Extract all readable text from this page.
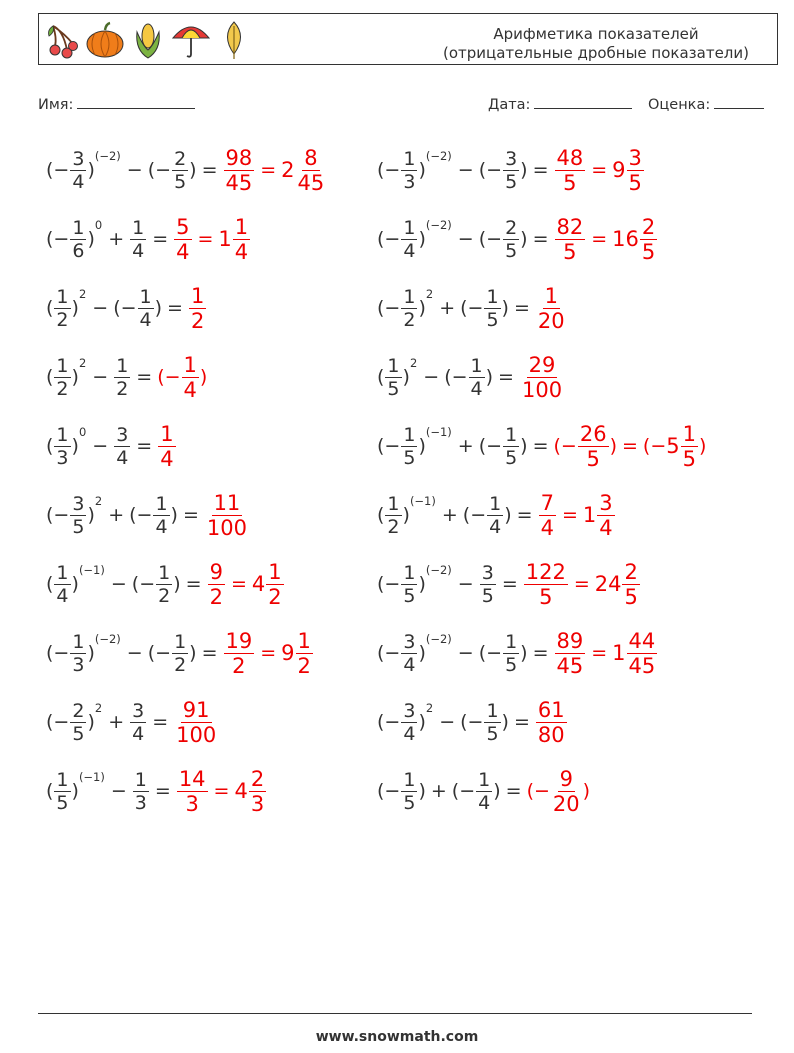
Арифметика показателей
(отрицательные дробные показатели)
Имя:	Дата:	Оценка:
(− $\frac{3}{4}$ )
(−2)
− (− $\frac{2}{5}$ ) = $\frac{98}{45} = 2 \frac{8}{45}$
(− $\frac{1}{6}$ )
0
+ $\frac{1}{4} = \frac{5}{4} = 1 \frac{1}{4}$
( $\frac{1}{2}$ )
2
− (− $\frac{1}{4}$ ) = $\frac{1}{2}$
( $\frac{1}{2}$ )
2
− $\frac{1}{2}$ = (− $\frac{1}{4}$ )
( $\frac{1}{3}$ )
0
− $\frac{3}{4} = \frac{1}{4}$
(− $\frac{3}{5}$ )
2
+ (− $\frac{1}{4}$ ) = $\frac{11}{100}$
( $\frac{1}{4}$ )
(−1)
− (− $\frac{1}{2}$ ) = $\frac{9}{2} = 4 \frac{1}{2}$
(− $\frac{1}{3}$ )
(−2)
− (− $\frac{1}{2}$ ) = $\frac{19}{2} = 9 \frac{1}{2}$
(− $\frac{2}{5}$ )
2
+ $\frac{3}{4} = \frac{91}{100}$
( $\frac{1}{5}$ )
(−1)
− $\frac{1}{3} = \frac{14}{3} = 4 \frac{2}{3}$
(− $\frac{1}{3}$ )
(−2)
− (− $\frac{3}{5}$ ) = $\frac{48}{5} = 9 \frac{3}{5}$
(− $\frac{1}{4}$ )
(−2)
− (− $\frac{2}{5}$ ) = $\frac{82}{5} = 16 \frac{2}{5}$
(− $\frac{1}{2}$ )
2
+ (− $\frac{1}{5}$ ) = $\frac{1}{20}$
( $\frac{1}{5}$ )
2
− (− $\frac{1}{4}$ ) = $\frac{29}{100}$
(− $\frac{1}{5}$ )
(−1)
+ (− $\frac{1}{5}$ ) = (− $\frac{26}{5}$ ) = (− $5 \frac{1}{5}$ )
( $\frac{1}{2}$ )
(−1)
+ (− $\frac{1}{4}$ ) = $\frac{7}{4} = 1 \frac{3}{4}$
(− $\frac{1}{5}$ )
(−2)
− $\frac{3}{5} = \frac{122}{5} = 24 \frac{2}{5}$
(− $\frac{3}{4}$ )
(−2)
− (− $\frac{1}{5}$ ) = $\frac{89}{45} = 1 \frac{44}{45}$
(− $\frac{3}{4}$ )
2
− (− $\frac{1}{5}$ ) = $\frac{61}{80}$
(− $\frac{1}{5}$ ) + (− $\frac{1}{4}$ ) = (− $\frac{9}{20}$ )
www.snowmath.com
